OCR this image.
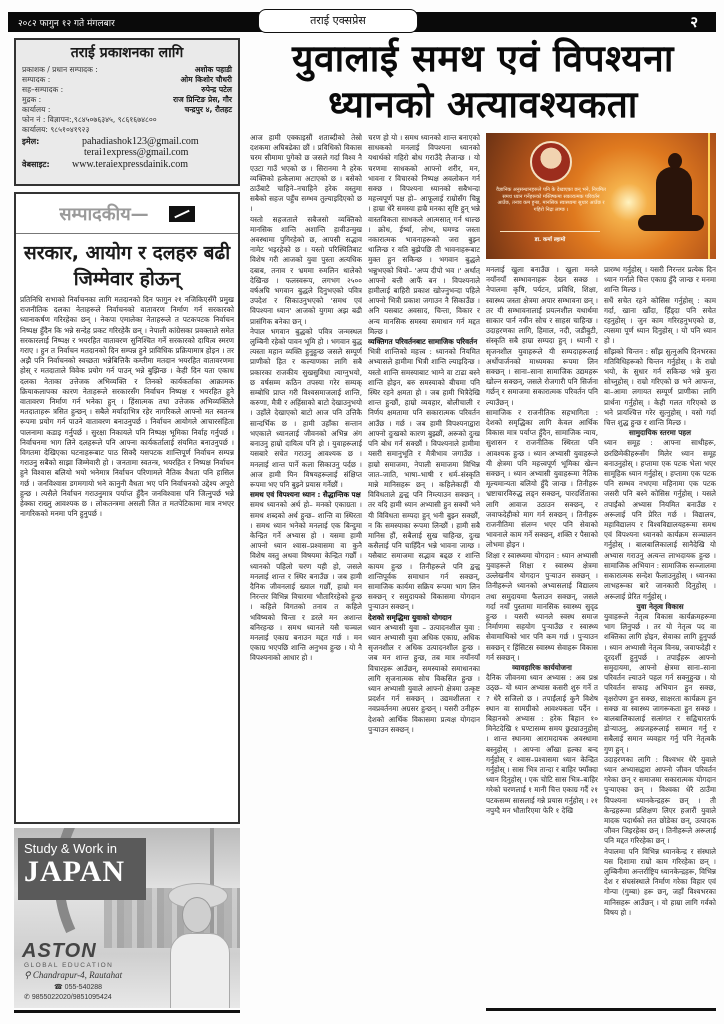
२०८२ फागुन १२ गते मंगलबार	तराई एक्सप्रेस	२
तराई प्रकाशनका लागि
प्रकाशक / प्रधान सम्पादक :	अशोक पहाडी
सम्पादक :	ओम किशोर चौधरी
सह–सम्पादक :	रुपेन्द्र पटेल
मुद्रक :	राज प्रिन्टिङ प्रेस, गौर
कार्यालय :	चन्द्रपुर ४, रौतहट
फोन नं : विज्ञापन:,९८४५०७६३४५, ९८६१६७४८००
कार्यालय: ९८५१०४१९२३
इमेल:	pahadiashok123@gmail.com
terai1express@gmail.com
वेबसाइट:	www.teraiexpressdainik.com
सम्पादकीय—
सरकार, आयोग र दलहरु बढी जिम्मेवार होऊन्
प्रतिनिधि सभाको निर्वाचनका लागि मतदानको दिन फागुन २१ नजिकिएसँगै प्रमुख राजनीतिक दलका नेताहरूले निर्वाचनको वातावरण निर्माण गर्न सरकारको ध्यानाकर्षण गरिरहेका छन् । नेकपा एमालेका नेताहरूले त पटकपटक निर्वाचन निष्पक्ष हुँदैन कि भन्ने सन्देह प्रकट गरिरहेकै छन् । नेपाली कांग्रेसका प्रवक्ताले समेत सरकारलाई निष्पक्ष र भयरहित वातावरण सुनिश्चित गर्ने सरकारको दायित्व स्मरण गराए । हुन त निर्वाचन मतदानको दिन सम्पन्न हुने प्राविधिक प्रक्रियामात्र होइन । तर अझै पनि निर्वाचनको स्वच्छता भन्नेबित्तिकै कम्तीमा मतदान भयरहित वातावरणमा होस् र मतदाताले विवेक प्रयोग गर्न पाउन् भन्ने बुझिन्छ । केही दिन यता एकाध दलका नेताका उत्तेजक अभिव्यक्ति र तिनको कार्यकर्ताका आक्रामक क्रियाकलापका कारण नेताहरूले सरकारसँग निर्वाचन निष्पक्ष र भयरहित हुने वातावरण निर्माण गर्न भनेका हुन् । हिंसात्मक तथा उत्तेजक अभिव्यक्तिले मतदाताहरू त्रसित हुन्छन् । सबैले मर्यादाभित्र रहेर नागरिकले आफ्नो मत स्वतन्त्र रूपमा प्रयोग गर्न पाउने वातावरण बनाउनुपर्छ । निर्वाचन आयोगले आचारसंहिता पालनामा कडाइ गर्नुपर्छ । सुरक्षा निकायले पनि निष्पक्ष भूमिका निर्वाह गर्नुपर्छ । निर्वाचनमा भाग लिने दलहरूले पनि आफ्ना कार्यकर्तालाई संयमित बनाउनुपर्छ । विगतमा देखिएका घटनाहरूबाट पाठ सिक्दै यसपटक शान्तिपूर्ण निर्वाचन सम्पन्न गराउनु सबैको साझा जिम्मेवारी हो । जनतामा स्वतन्त्र, भयरहित र निष्पक्ष निर्वाचन हुने विश्वास बलियो भयो भनेमात्र निर्वाचन परिणामले नैतिक वैधता पनि हासिल गर्छ । जनविश्वास डगमगायो भने कानुनी वैधता भए पनि निर्वाचनको उद्देश्य अपूरो हुन्छ । त्यसैले निर्वाचन गराउनुमात्र पर्याप्त हुँदैन जनविश्वास पनि जित्नुपर्छ भन्ने हेक्का राख्नु आवश्यक छ । लोकतन्त्रमा असली जित त मतपेटिकामा मात्र नभएर नागरिकको मनमा पनि हुनुपर्छ ।
Study & Work in
JAPAN
ASTON
GLOBAL EDUCATION
⚲ Chandrapur-4, Rautahat
☎ 055-540288
✆ 9855022020/9851095424
युवालाई समथ एवं विपश्यना
ध्यानको अत्यावश्यकता
वैज्ञानिक अनुसन्धानहरूले पनि के देखाएका छन् भने, नियमित समथ ध्यान गर्नेहरूको मस्तिष्कमा सकारात्मक परिवर्तन आउँछ, तनाव कम हुन्छ, मानसिक स्वास्थ्यमा सुधार आउँछ र गहिरो निद्रा लाग्छ ।
डा. कर्मा ल्हामो

आज हामी एक्काइसौं शताब्दीको तेस्रो दशकमा अघिबढेका छौं । प्रविधिको विकास चरम सीमामा पुगेको छ जसले गर्दा विश्व नै एउटा गाउँ भएको छ । सिरानमा नै हरेक व्यक्तिको हत्केलामा अटाएको छ । बसेको ठाउँबाटै चाहिने–नचाहिने हरेक वस्तुमा सबैको सहज पहुँच सम्भव तुल्याइदिएको छ ।

यस्तो सहजताले सबैजसो व्यक्तिको मानसिक शान्ति अशान्ति हावीउन्मुख अवस्थामा पुगिरहेको छ, आपसी सद्भाव नामेट भइरहेको छ । यस्तो परिस्थितिबाट विशेष गरी आजको युवा पुस्ता अत्यधिक दबाब, तनाव र भ्रममा रुमलिन थालेको देखिन्छ । फलस्वरूप, लगभग २५०० वर्षअघि भगवान बुद्धले दिनुभएको पवित्र उपदेश र सिकाउनुभएको 'समथ एवं विपश्यना ध्यान' आजको युगमा अझ बढी प्रासंगिक बनेका छन् ।

नेपाल भगवान बुद्धको पवित्र जन्मस्थल लुम्बिनी रहेको पावन भूमि हो । भगवान बुद्ध त्यस्ता महान व्यक्ति हुनुहुन्छ जसले सम्पूर्ण प्राणीको हित र कल्याणका लागि सबै प्रकारका राजकीय सुखसुविधा त्याग्नुभयो, छ वर्षसम्म कठिन तपस्या गरेर सम्यक् सम्बोधि प्राप्त गरी विश्वसमाजलाई शान्ति, करुणा, मैत्री र अहिंसाको बाटो देखाउनुभयो । उहाँले देखाएको बाटो आज पनि उत्तिकै सान्दर्भिक छ । हामी उहाँका सन्तान भएकाले ध्यानलाई जीवनको अभिन्न अंग बनाउनु हाम्रो दायित्व पनि हो । युवाहरूलाई यसबारे सचेत गराउनु आवश्यक छ । मनलाई शान्त पार्ने कला सिकाउनु पर्दछ । आज हामी यिन विषयहरूलाई संक्षिप्त रूपमा भए पनि बुझ्ने प्रयास गर्नेछौं ।

समथ एवं विपश्यना ध्यान : सैद्धान्तिक पक्ष

समथ ध्यानको अर्थ हो– मनको एकाग्रता । समथ शब्दको अर्थ हुन्छ– शान्ति वा स्थिरता । समथ ध्यान भनेको मनलाई एक बिन्दुमा केन्द्रित गर्ने अभ्यास हो । यसमा हामी आफ्नो ध्यान श्वास–प्रश्वासमा वा कुनै विशेष वस्तु अथवा विषयमा केन्द्रित गर्छौं । ध्यानको पहिलो चरण यही हो, जसले मनलाई शान्त र स्थिर बनाउँछ । जब हामी दैनिक जीवनलाई ख्याल गर्छौं, हाम्रो मन निरन्तर विभिन्न विचारमा भौतारिरहेको हुन्छ । कहिले विगतको तनाव त कहिले भविष्यको चिन्ता र डरले मन अशान्त बनिरहन्छ । समथ ध्यानले यसै चञ्चल मनलाई एकाग्र बनाउन मद्दत गर्छ । मन एकाग्र भएपछि शान्ति अनुभव हुन्छ । यो नै विपश्यनाको आधार हो ।

चरण हो यो । समथ ध्यानको शान्त बनाएको साधकको मनलाई विपश्यना ध्यानको यथार्थको गहिरो बोध गराउँदै लैजान्छ । यो चरणमा साधकको आफ्नो शरीर, मन, भावना र विचारको निष्पक्ष अवलोकन गर्न सक्छ । विपश्यना ध्यानको सबैभन्दा महत्त्वपूर्ण पक्ष हो– आफूलाई राम्रोसँग चिन्नु । हाम्रा धेरै समस्या हाम्रै मनका सृष्टि हुन् भन्ने वास्तविकता साधकले आत्मसात् गर्न थाल्छ । क्रोध, ईर्ष्या, लोभ, घमण्ड जस्ता नकारात्मक भावनाहरूको जरा बुझ्न थालिन्छ र यति बुझेपछि ती भावनाहरूबाट मुक्त हुन सकिन्छ । भगवान बुद्धले भन्नुभएको थियो– 'अप्प दीपो भव ।' अर्थात् आफ्नो बत्ती आफैं बन । विपश्यनाले हामीलाई बाहिरी प्रकाश खोज्नुभन्दा पहिले आफ्नो भित्री प्रकाश जगाउन नै सिकाउँछ । अनि यसबाट अवसाद, चिन्ता, विकार र अन्य मानसिक समस्या समाधान गर्न मद्दत मिल्छ ।

व्यक्तिगत परिवर्तनबाट सामाजिक परिवर्तन

भित्री शान्तिको महत्त्व : ध्यानको नियमित अभ्यासले हामीमा भित्री शान्ति ल्याइदिन्छ । यस्तो शान्ति समस्याबाट भाग्ने वा टाढा बस्ने शान्ति होइन, बरु समस्याको बीचमा पनि स्थिर रहने क्षमता हो । जब हामी भित्रैदेखि शान्त हुन्छौं, हाम्रो व्यवहार, बोलीचाली र निर्णय क्षमतामा पनि सकारात्मक परिवर्तन आउँछ । गर्छ । जब हामी विपश्यनाद्वारा आफ्नो दुःखको कारण बुझ्छौं, अरूको दुःख पनि बोध गर्न सक्छौं । विपश्यनाले हामीमा यसरी समानुभूति र मैत्रीभाव जगाउँछ । हाम्रो समाजमा, नेपाली समाजमा विभिन्न जात–जाति, भाषा–भाषी र धर्म–संस्कृति मान्ने मानिसहरू छन् । कहिलेकाहीं यी विविधताले द्वन्द्व पनि निम्त्याउन सक्छन् । तर यदि हामी ध्यान अभ्यासी हुन सक्यौं भने यी विविधता सम्पदा हुन् भनी बुझ्न सक्छौं, न कि समस्याका रूपमा लिन्छौं । हामी सबै मानिस हौं, सबैलाई सुख चाहिन्छ, दुःख कसैलाई पनि चाहिँदैन भन्ने भावना जाग्छ । यसैबाट समाजमा सद्भाव बढ्छ र शान्ति कायम हुन्छ । तिनीहरूले पनि द्वन्द्व शान्तिपूर्वक समाधान गर्न सक्छन्, सामाजिक कार्यमा सक्रिय रूपमा भाग लिन सक्छन् र समुदायको विकासमा योगदान पुर्‍याउन सक्छन् ।

देशको समृद्धिमा युवाको योगदान

ध्यान अभ्यासी युवा – उत्पादनशील युवा : ध्यान अभ्यासी युवा अधिक एकाग्र, अधिक सृजनशील र अधिक उत्पादनशील हुन्छ । जब मन शान्त हुन्छ, तब मात्र नयाँनयाँ विचारहरू आउँछन्, समस्याको समाधानका लागि सृजनात्मक सोच विकसित हुन्छ । ध्यान अभ्यासी युवाले आफ्नो क्षेत्रमा उत्कृष्ट प्रदर्शन गर्न सक्छन् । उद्यमशीलता र नवप्रवर्तनमा अग्रसर हुन्छन् । यसरी उनीहरू देशको आर्थिक विकासमा प्रत्यक्ष योगदान पुर्‍याउन सक्छन् ।

मनलाई खुला बनाउँछ । खुला मनले नयाँनयाँ सम्भावनाहरू देख्न सक्छ । नेपालमा कृषि, पर्यटन, प्रविधि, शिक्षा, स्वास्थ्य जस्ता क्षेत्रमा अपार सम्भावना छन् । तर यी सम्भावनालाई प्रयत्नशील यथार्थमा साकार पार्न नवीन सोच र साहस चाहिन्छ । उदाहरणका लागि, हिमाल, नदी, जडीबुटी, संस्कृति सबै हाम्रा सम्पदा हुन् । ध्यानी र सृजनशील युवाहरूले यी सम्पदाहरूलाई अर्थोपार्जनको माध्यमका रूपमा लिन सक्छन् । साना–साना सामाजिक उद्यमहरू खोल्न सक्छन्, जसले रोजगारी पनि सिर्जना गर्छन् र समाजमा सकारात्मक परिवर्तन पनि ल्याउँछन् ।

सामाजिक र राजनीतिक सहभागिता : देशको समृद्धिका लागि केवल आर्थिक विकास मात्र पर्याप्त हुँदैन, सामाजिक न्याय, सुशासन र राजनीतिक स्थिरता पनि आवश्यक हुन्छ । ध्यान अभ्यासी युवाहरूले यी क्षेत्रमा पनि महत्त्वपूर्ण भूमिका खेल्न सक्छन् । ध्यान अभ्यासी युवाहरूमा नैतिक मूल्यमान्यता बलियो हुँदै जान्छ । तिनीहरू भ्रष्टाचारविरुद्ध लड्न सक्छन्, पारदर्शिताका लागि आवाज उठाउन सक्छन्, र जवाफदेहीको माग गर्न सक्छन् । तिनीहरू राजनीतिमा संलग्न भएर पनि सेवाको भावनाले काम गर्ने सक्छन्, शक्ति र पैसाको लोभमा होइन ।

शिक्षा र स्वास्थ्यमा योगदान : ध्यान अभ्यासी युवाहरूले शिक्षा र स्वास्थ्य क्षेत्रमा उल्लेखनीय योगदान पुर्‍याउन सक्छन् । तिनीहरूले ध्यानको अभ्यासलाई विद्यालय तथा समुदायमा फैलाउन सक्छन्, जसले गर्दा नयाँ पुस्तामा मानसिक स्वास्थ्य सुदृढ हुन्छ । यसरी ध्यानले स्वस्थ समाज निर्माणमा सहयोग पुर्‍याउँछ र स्वास्थ्य सेवामाथिको भार पनि कम गर्छ । पुर्‍याउन सक्छन् र हिंसिटस स्वास्थ्य सेवाहरू विकास गर्न सक्छन् ।

व्यावहारिक कार्ययोजना

दैनिक जीवनमा ध्यान अभ्यास : अब प्रश्न उठ्छ– यो ध्यान अभ्यास कसरी शुरु गर्ने त ? धेरै सजिलो छ । तपाईंलाई कुनै विशेष स्थान वा सामग्रीको आवश्यकता पर्दैन । बिहानको अभ्यास : हरेक बिहान १० मिनेटदेखि १ घण्टासम्म समय छुट्याउनुहोस् । शान्त स्थानमा आरामदायक अवस्थामा बस्नुहोस् । आफ्ना आँखा हल्का बन्द गर्नुहोस् र श्वास–प्रश्वासमा ध्यान केन्द्रित गर्नुहोस् । सास भित्र तान्दा र बाहिर फ्याँक्दा ध्यान दिनुहोस् । एक चोटि सास भित्र–बाहिर गरेको चरणलाई १ मानी चित्त एकाग्र गर्दै २१ पटकसम्म सासलाई गन्ने प्रयास गर्नुहोस् । २१ नपुग्दै मन भौतारिएमा फेरि १ देखि

प्रारम्भ गर्नुहोस् । यसरी निरन्तर प्रत्येक दिन ध्यान गर्नाले चित्त एकाग्र हुँदै जान्छ र मनमा शान्ति मिल्छ ।

सधैं सचेत रहने कोसिस गर्नुहोस् : काम गर्दा, खाना खाँदा, हिँड्दा पनि सचेत रहनुहोस् । जुन काम गरिरहनुभएको छ, त्यसमा पूर्ण ध्यान दिनुहोस् । यो पनि ध्यान हो ।

साँझको चिन्तन : साँझ सुत्नुअघि दिनभरका गतिविधिहरूको चिन्तन गर्नुहोस् । के राम्रो भयो, के सुधार गर्न सकिन्छ भन्ने कुरा सोच्नुहोस् । राम्रो गरिएको छ भने आफन्त, बा–आमा लगायत सम्पूर्ण प्राणीका लागि प्रार्थना गर्नुहोस् । केही गलत गरिएको छ भने प्रायश्चित्त गरेर सुत्नुहोस् । यसो गर्दा चित्त शुद्ध हुन्छ र शान्ति मिल्छ ।

सामुदायिक स्तरमा पहल

ध्यान समूह : आफ्ना साथीहरू, छरछिमेकीहरूसँग मिलेर ध्यान समूह बनाउनुहोस् । हप्तामा एक पटक भेला भएर सामूहिक ध्यान गर्नुहोस् । हप्तामा एक पटक पनि सम्भव नभएमा महिनामा एक पटक जसरी पनि बस्ने कोसिस गर्नुहोस् । यसले तपाईंको अभ्यास नियमित बनाउँछ र अरूलाई पनि प्रेरित गर्छ । विद्यालय, महाविद्यालय र विश्वविद्यालयहरूमा समथ एवं विपश्यना ध्यानको कार्यक्रम सञ्चालन गर्नुहोस् । बालबालिकालाई सानैदेखि यो अभ्यास गराउनु अत्यन्त लाभदायक हुन्छ । सामाजिक अभियान : सामाजिक सञ्जालमा सकारात्मक सन्देश फैलाउनुहोस् । ध्यानका लाभहरूका बारे जानकारी दिनुहोस् । अरूलाई प्रेरित गर्नुहोस् ।

युवा नेतृत्व विकास

युवाहरूले नेतृत्व विकास कार्यक्रमहरूमा भाग लिनुपर्छ । तर यो नेतृत्व पद वा शक्तिका लागि होइन, सेवाका लागि हुनुपर्छ । ध्यान अभ्यासी नेतृत्व विनम्र, जवाफदेही र दूरदर्शी हुनुपर्छ । तपाईंहरू आफ्नो समुदायमा, आफ्नो क्षेत्रमा साना–साना परिवर्तन ल्याउने पहल गर्न सक्नुहुन्छ । यो परिवर्तन सफाइ अभियान हुन सक्छ, वृक्षरोपण हुन सक्छ, साक्षरता कार्यक्रम हुन सक्छ वा स्वास्थ्य जागरूकता हुन सक्छ । बालबालिकालाई सत्संगत र सद्विचारतर्फ डोर्‍याउनु, अग्रजहरूलाई सम्मान गर्नु र सबैलाई समान व्यवहार गर्नु पनि नेतृत्वकै गुण हुन् ।

उदाहरणका लागि : विश्वभर धेरै युवाले ध्यान अभ्यासद्वारा आफ्नो जीवन परिवर्तन गरेका छन् र समाजमा सकारात्मक योगदान पुर्‍याएका छन् । विश्वका धेरै ठाउँमा विपश्यना ध्यानकेन्द्रहरू छन् । ती केन्द्रहरूमा प्रशिक्षण लिएर हजारौं युवाले मादक पदार्थको लत छोडेका छन्, उत्पादक जीवन जिइरहेका छन् । तिनीहरूले अरूलाई पनि मद्दत गरिरहेका छन् ।

नेपालमा पनि विभिन्न ध्यानकेन्द्र र संस्थाले यस दिशामा राम्रो काम गरिरहेका छन् । लुम्बिनीमा अन्तर्राष्ट्रिय ध्यानकेन्द्रहरू, विभिन्न देश र संघसंस्थाले निर्माण गरेका विहार एवं गोन्पा (गुम्बा) हरू छन्, जहाँ विश्वभरका मानिसहरू आउँछन् । यो हाम्रा लागि गर्वको विषय हो ।
